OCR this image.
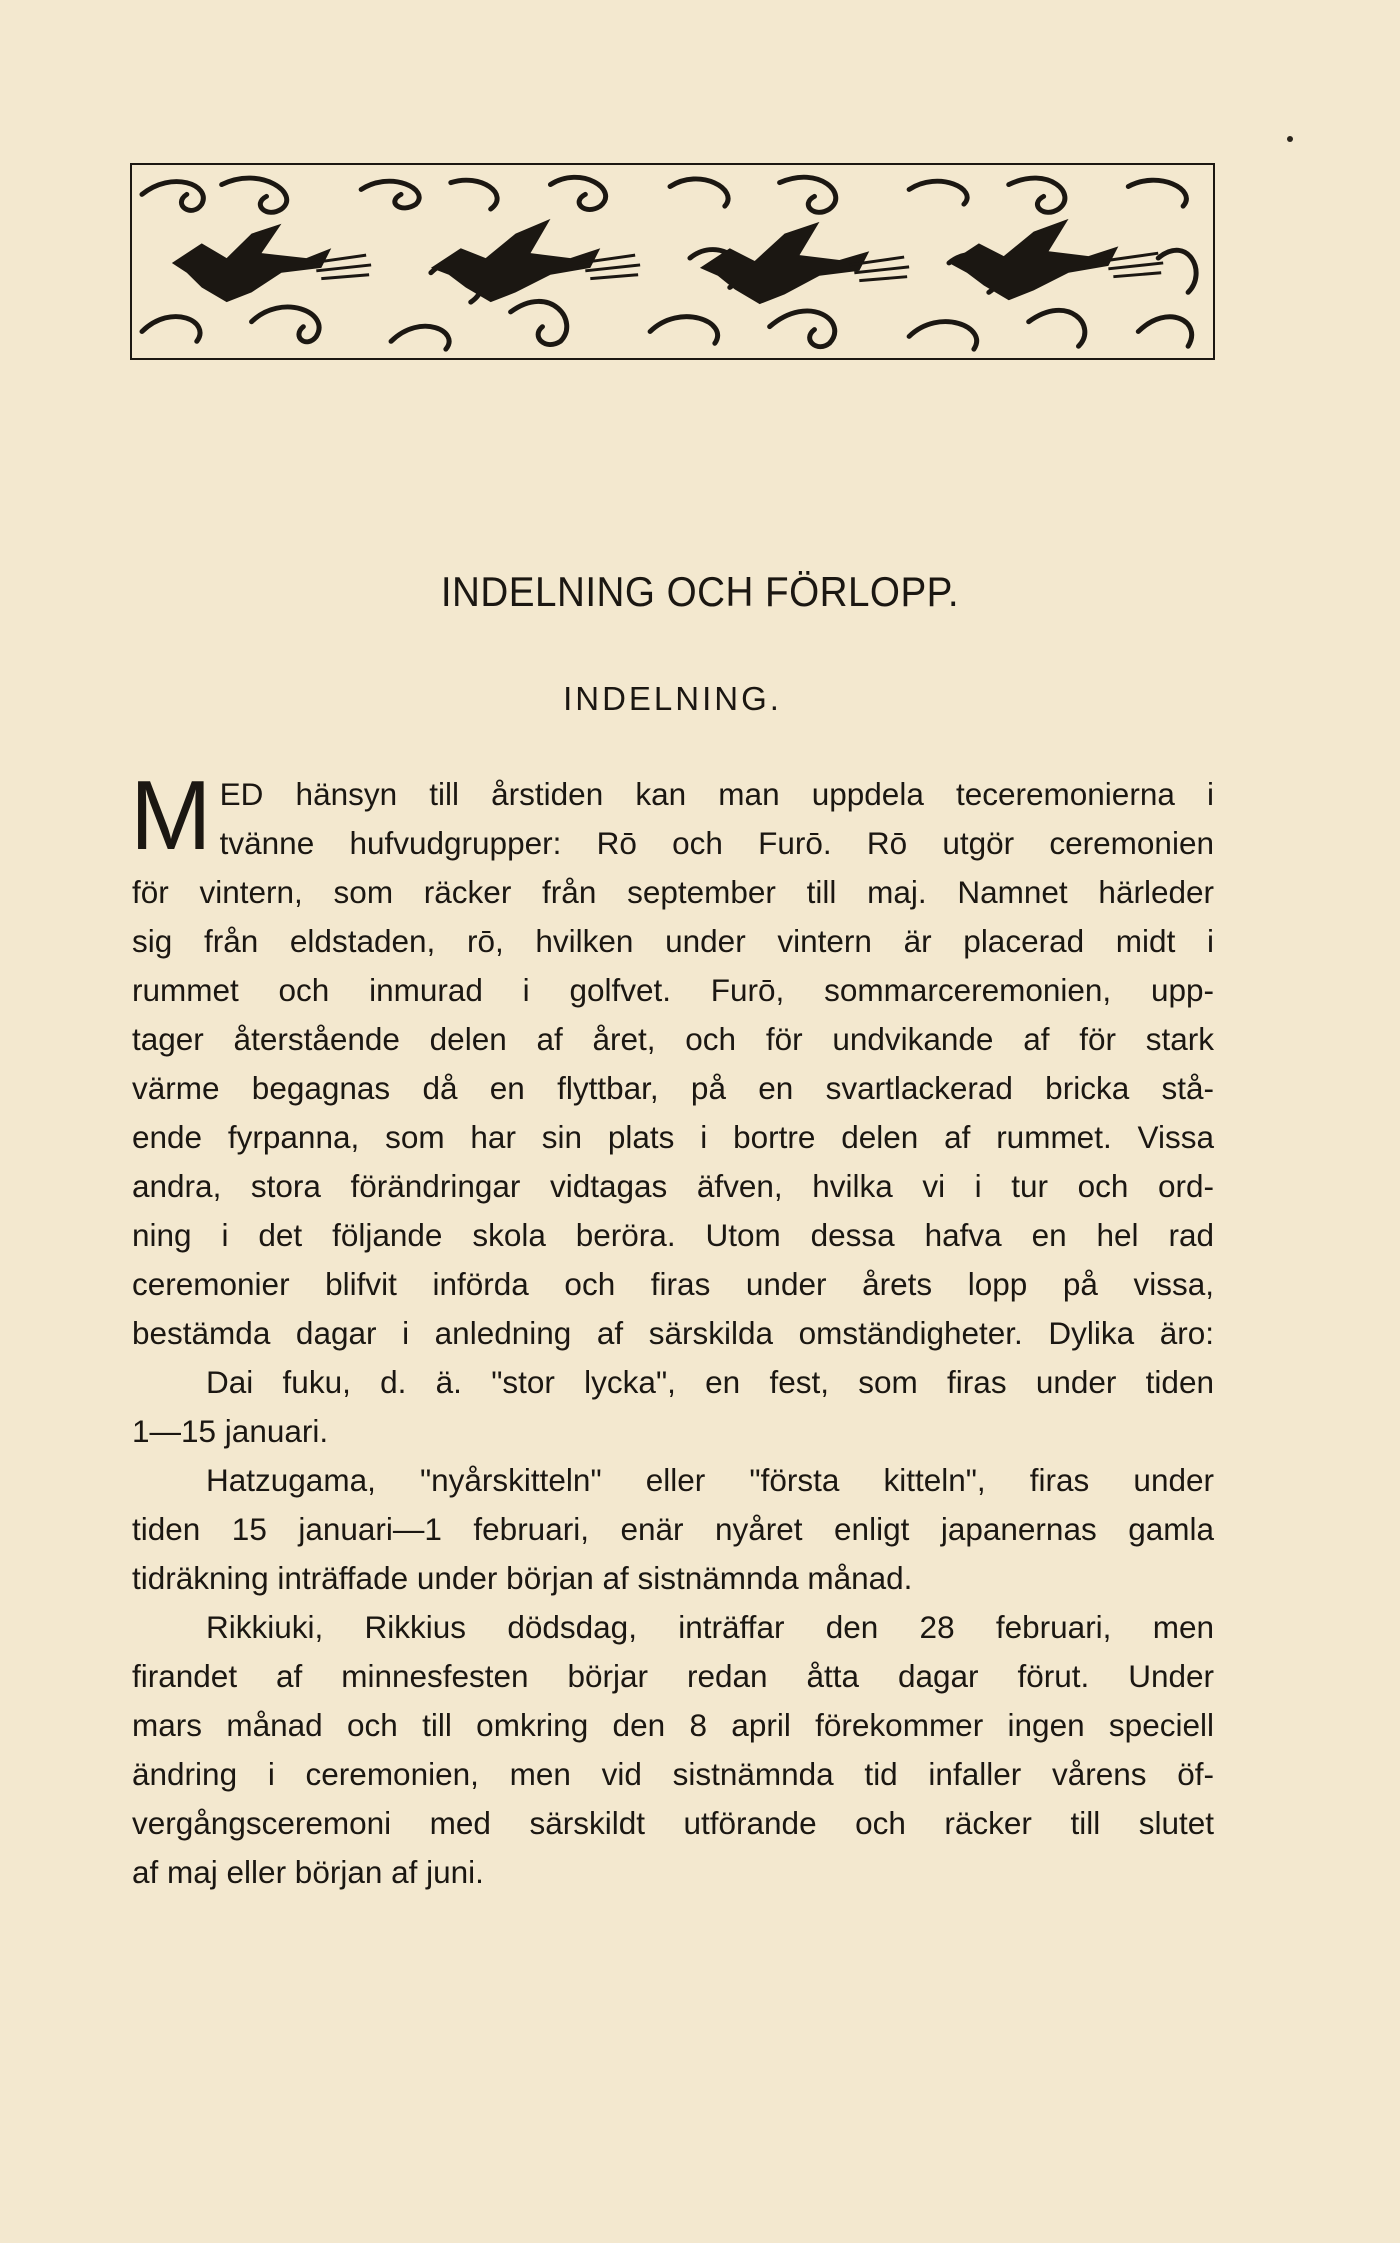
INDELNING OCH FÖRLOPP.
INDELNING.
M ED hänsyn till årstiden kan man uppdela teceremonierna i
tvänne hufvudgrupper: Rō och Furō. Rō utgör ceremonien
för vintern, som räcker från september till maj. Namnet härleder
sig från eldstaden, rō, hvilken under vintern är placerad midt i
rummet och inmurad i golfvet. Furō, sommarceremonien, upp-
tager återstående delen af året, och för undvikande af för stark
värme begagnas då en flyttbar, på en svartlackerad bricka stå-
ende fyrpanna, som har sin plats i bortre delen af rummet. Vissa
andra, stora förändringar vidtagas äfven, hvilka vi i tur och ord-
ning i det följande skola beröra. Utom dessa hafva en hel rad
ceremonier blifvit införda och firas under årets lopp på vissa,
bestämda dagar i anledning af särskilda omständigheter. Dylika äro:
Dai fuku, d. ä. "stor lycka", en fest, som firas under tiden
1—15 januari.
Hatzugama, "nyårskitteln" eller "första kitteln", firas under
tiden 15 januari—1 februari, enär nyåret enligt japanernas gamla
tidräkning inträffade under början af sistnämnda månad.
Rikkiuki, Rikkius dödsdag, inträffar den 28 februari, men
firandet af minnesfesten börjar redan åtta dagar förut. Under
mars månad och till omkring den 8 april förekommer ingen speciell
ändring i ceremonien, men vid sistnämnda tid infaller vårens öf-
vergångsceremoni med särskildt utförande och räcker till slutet
af maj eller början af juni.
